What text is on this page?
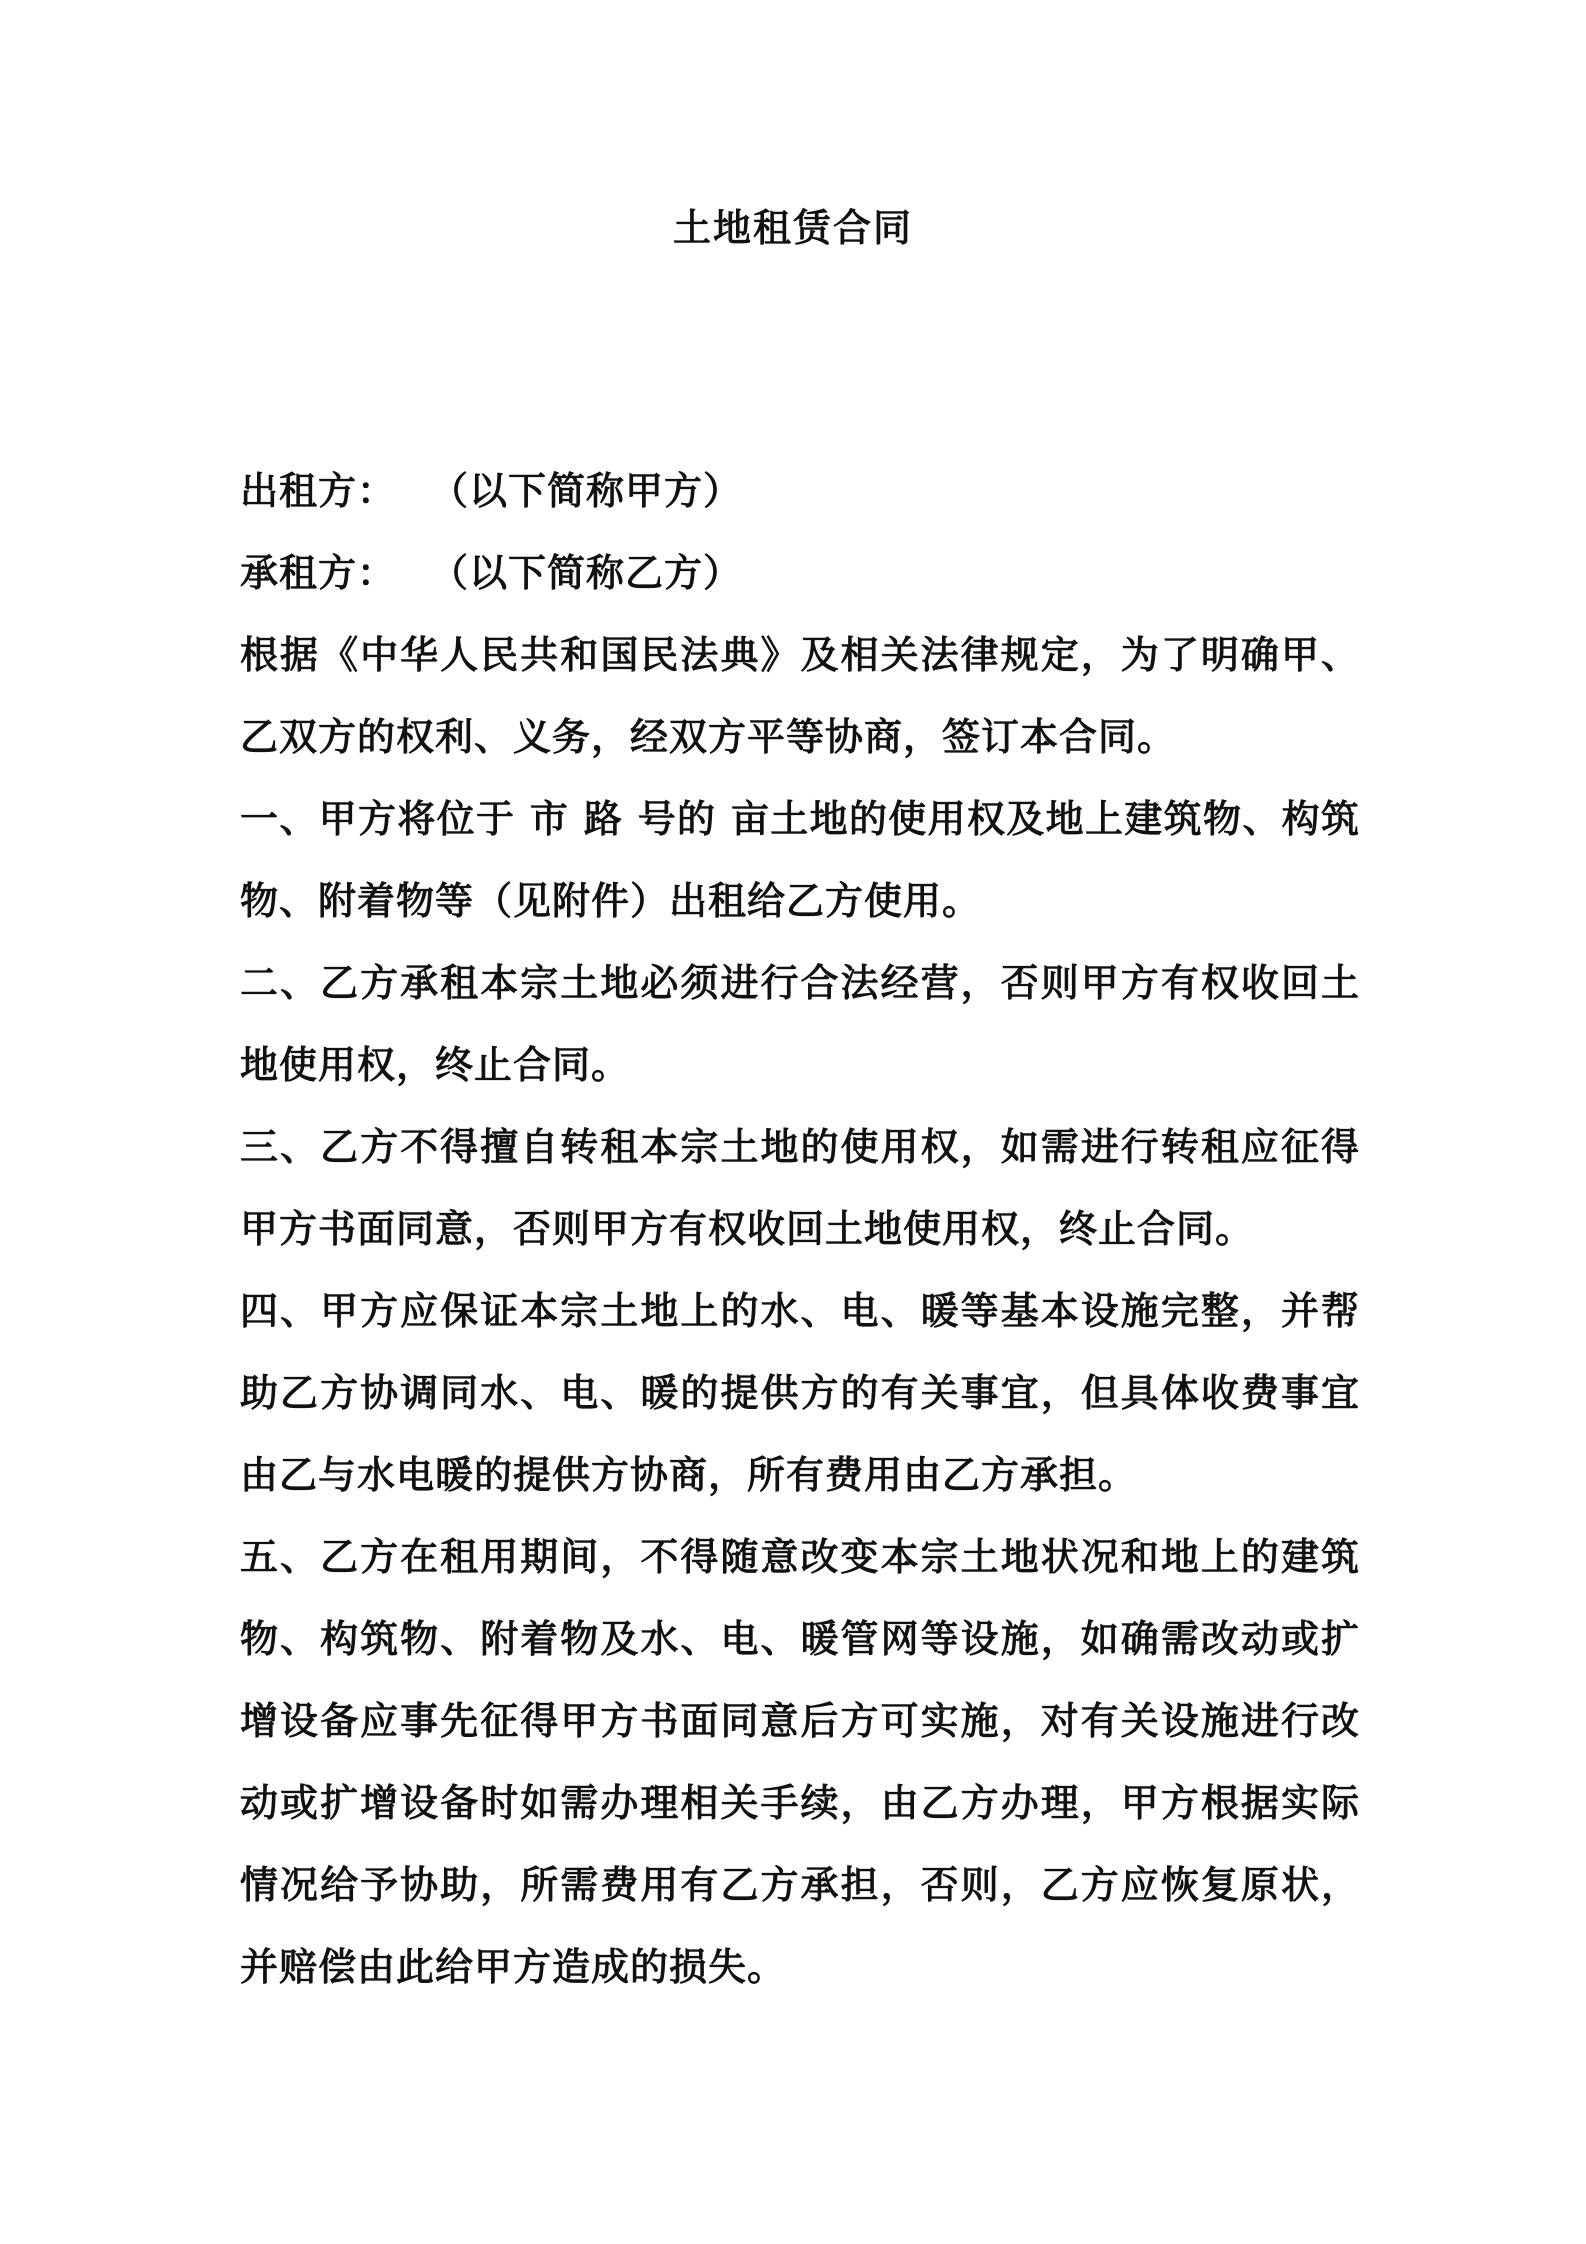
土地租赁合同
出租方： （以下简称甲方）
承租方： （以下简称乙方）

根据《中华人民共和国民法典》及相关法律规定，为了明确甲、乙双方的权利、义务，经双方平等协商，签订本合同。

一、甲方将位于 市 路 号的 亩土地的使用权及地上建筑物、构筑物、附着物等（见附件）出租给乙方使用。

二、乙方承租本宗土地必须进行合法经营，否则甲方有权收回土地使用权，终止合同。

三、乙方不得擅自转租本宗土地的使用权，如需进行转租应征得甲方书面同意，否则甲方有权收回土地使用权，终止合同。

四、甲方应保证本宗土地上的水、电、暖等基本设施完整，并帮助乙方协调同水、电、暖的提供方的有关事宜，但具体收费事宜由乙与水电暖的提供方协商，所有费用由乙方承担。

五、乙方在租用期间，不得随意改变本宗土地状况和地上的建筑物、构筑物、附着物及水、电、暖管网等设施，如确需改动或扩增设备应事先征得甲方书面同意后方可实施，对有关设施进行改动或扩增设备时如需办理相关手续，由乙方办理，甲方根据实际情况给予协助，所需费用有乙方承担，否则，乙方应恢复原状，并赔偿由此给甲方造成的损失。
